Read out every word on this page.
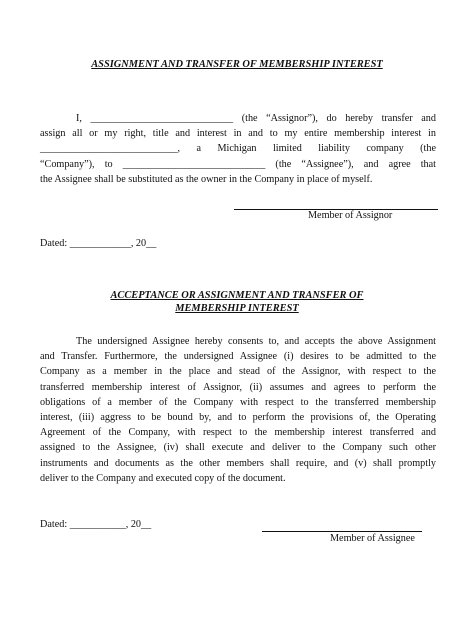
ASSIGNMENT AND TRANSFER OF MEMBERSHIP INTEREST
I, ____________________________ (the “Assignor”), do hereby transfer and
assign all or my right, title and interest in and to my entire membership interest in
___________________________, a Michigan limited liability company (the
“Company”), to ____________________________ (the “Assignee”), and agree that
the Assignee shall be substituted as the owner in the Company in place of myself.
Member of Assignor
Dated: ____________, 20__
ACCEPTANCE OR ASSIGNMENT AND TRANSFER OF
MEMBERSHIP INTEREST
The undersigned Assignee hereby consents to, and accepts the above Assignment
and Transfer. Furthermore, the undersigned Assignee (i) desires to be admitted to the
Company as a member in the place and stead of the Assignor, with respect to the
transferred membership interest of Assignor, (ii) assumes and agrees to perform the
obligations of a member of the Company with respect to the transferred membership
interest, (iii) aggress to be bound by, and to perform the provisions of, the Operating
Agreement of the Company, with respect to the membership interest transferred and
assigned to the Assignee, (iv) shall execute and deliver to the Company such other
instruments and documents as the other members shall require, and (v) shall promptly
deliver to the Company and executed copy of the document.
Dated: ___________, 20__
Member of Assignee
